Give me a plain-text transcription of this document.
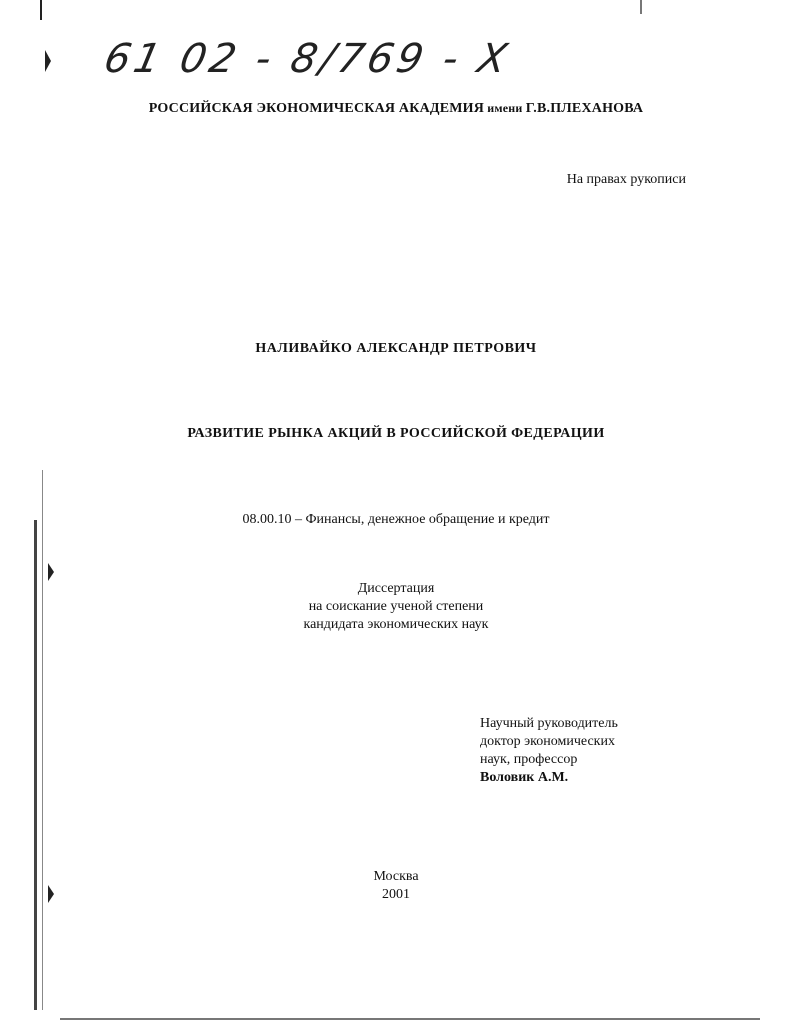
61 02 - 8/769 - X
РОССИЙСКАЯ ЭКОНОМИЧЕСКАЯ АКАДЕМИЯ имени Г.В.ПЛЕХАНОВА
На правах рукописи
НАЛИВАЙКО АЛЕКСАНДР ПЕТРОВИЧ
РАЗВИТИЕ РЫНКА АКЦИЙ В РОССИЙСКОЙ ФЕДЕРАЦИИ
08.00.10 – Финансы, денежное обращение и кредит
Диссертация
на соискание ученой степени
кандидата экономических наук
Научный руководитель
доктор экономических
наук, профессор
Воловик А.М.
Москва
2001
